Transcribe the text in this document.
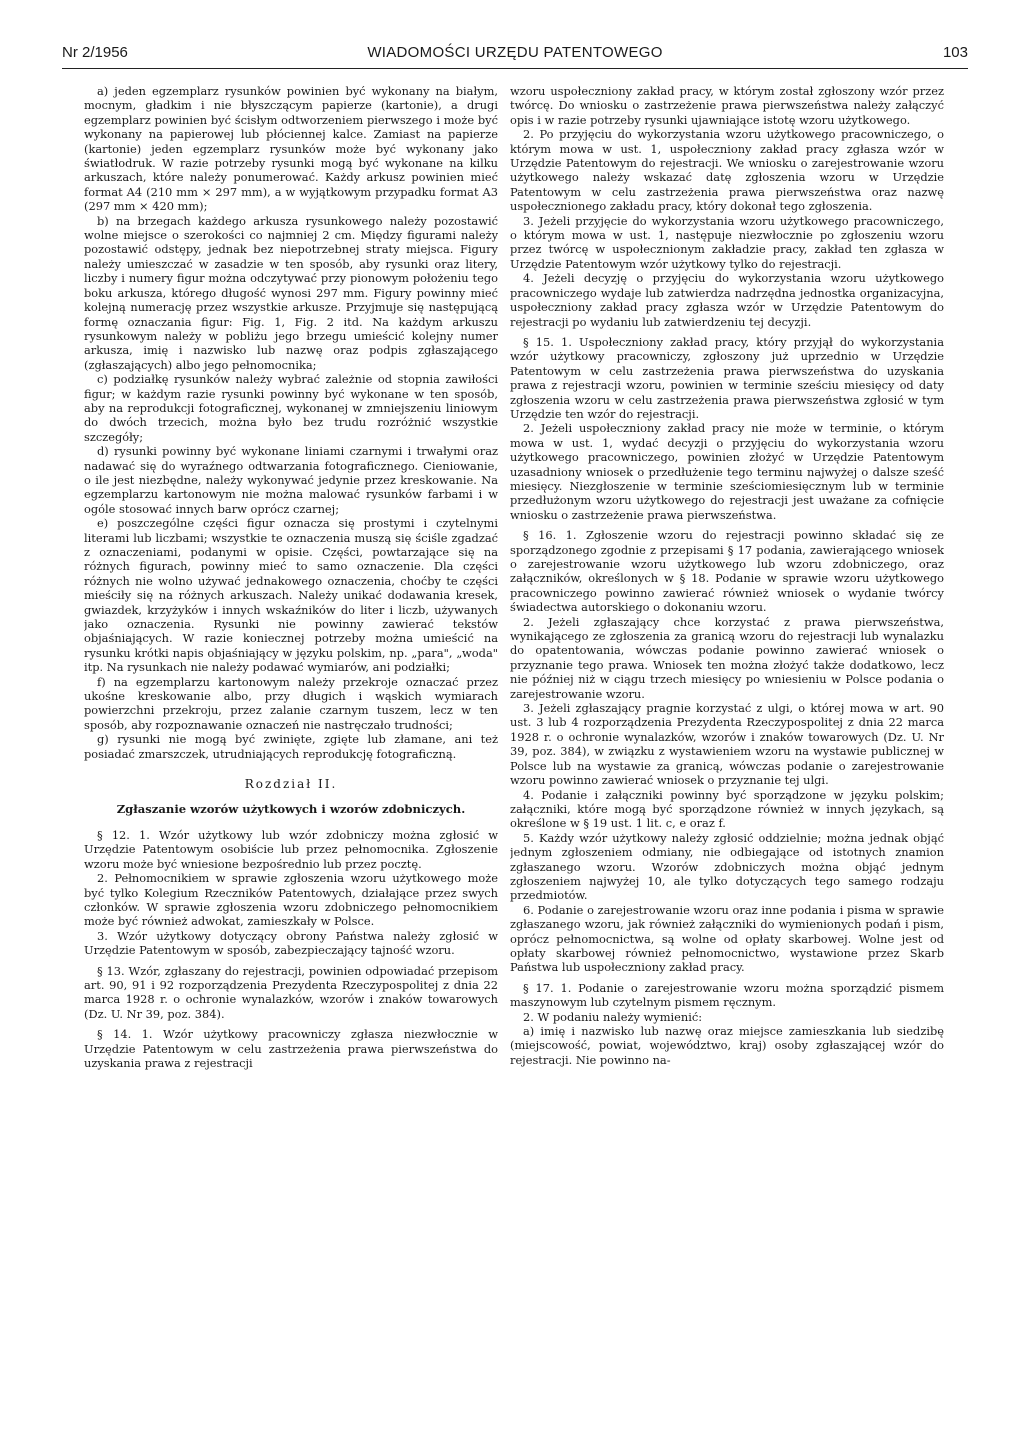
Nr 2/1956	WIADOMOŚCI URZĘDU PATENTOWEGO	103

a) jeden egzemplarz rysunków powinien być wykonany na białym, mocnym, gładkim i nie błyszczącym papierze (kartonie), a drugi egzemplarz powinien być ścisłym odtworzeniem pierwszego i może być wykonany na papierowej lub płóciennej kalce. Zamiast na papierze (kartonie) jeden egzemplarz rysunków może być wykonany jako światłodruk. W razie potrzeby rysunki mogą być wykonane na kilku arkuszach, które należy ponumerować. Każdy arkusz powinien mieć format A4 (210 mm × 297 mm), a w wyjątkowym przypadku format A3 (297 mm × 420 mm);

b) na brzegach każdego arkusza rysunkowego należy pozostawić wolne miejsce o szerokości co najmniej 2 cm. Między figurami należy pozostawić odstępy, jednak bez niepotrzebnej straty miejsca. Figury należy umieszczać w zasadzie w ten sposób, aby rysunki oraz litery, liczby i numery figur można odczytywać przy pionowym położeniu tego boku arkusza, którego długość wynosi 297 mm. Figury powinny mieć kolejną numerację przez wszystkie arkusze. Przyjmuje się następującą formę oznaczania figur: Fig. 1, Fig. 2 itd. Na każdym arkuszu rysunkowym należy w pobliżu jego brzegu umieścić kolejny numer arkusza, imię i nazwisko lub nazwę oraz podpis zgłaszającego (zgłaszających) albo jego pełnomocnika;

c) podziałkę rysunków należy wybrać zależnie od stopnia zawiłości figur; w każdym razie rysunki powinny być wykonane w ten sposób, aby na reprodukcji fotograficznej, wykonanej w zmniejszeniu liniowym do dwóch trzecich, można było bez trudu rozróżnić wszystkie szczegóły;

d) rysunki powinny być wykonane liniami czarnymi i trwałymi oraz nadawać się do wyraźnego odtwarzania fotograficznego. Cieniowanie, o ile jest niezbędne, należy wykonywać jedynie przez kreskowanie. Na egzemplarzu kartonowym nie można malować rysunków farbami i w ogóle stosować innych barw oprócz czarnej;

e) poszczególne części figur oznacza się prostymi i czytelnymi literami lub liczbami; wszystkie te oznaczenia muszą się ściśle zgadzać z oznaczeniami, podanymi w opisie. Części, powtarzające się na różnych figurach, powinny mieć to samo oznaczenie. Dla części różnych nie wolno używać jednakowego oznaczenia, choćby te części mieściły się na różnych arkuszach. Należy unikać dodawania kresek, gwiazdek, krzyżyków i innych wskaźników do liter i liczb, używanych jako oznaczenia. Rysunki nie powinny zawierać tekstów objaśniających. W razie koniecznej potrzeby można umieścić na rysunku krótki napis objaśniający w języku polskim, np. „para", „woda" itp. Na rysunkach nie należy podawać wymiarów, ani podziałki;

f) na egzemplarzu kartonowym należy przekroje oznaczać przez ukośne kreskowanie albo, przy długich i wąskich wymiarach powierzchni przekroju, przez zalanie czarnym tuszem, lecz w ten sposób, aby rozpoznawanie oznaczeń nie nastręczało trudności;

g) rysunki nie mogą być zwinięte, zgięte lub złamane, ani też posiadać zmarszczek, utrudniających reprodukcję fotograficzną.

Rozdział II.

Zgłaszanie wzorów użytkowych i wzorów zdobniczych.

§ 12. 1. Wzór użytkowy lub wzór zdobniczy można zgłosić w Urzędzie Patentowym osobiście lub przez pełnomocnika. Zgłoszenie wzoru może być wniesione bezpośrednio lub przez pocztę.

2. Pełnomocnikiem w sprawie zgłoszenia wzoru użytkowego może być tylko Kolegium Rzeczników Patentowych, działające przez swych członków. W sprawie zgłoszenia wzoru zdobniczego pełnomocnikiem może być również adwokat, zamieszkały w Polsce.

3. Wzór użytkowy dotyczący obrony Państwa należy zgłosić w Urzędzie Patentowym w sposób, zabezpieczający tajność wzoru.

§ 13. Wzór, zgłaszany do rejestracji, powinien odpowiadać przepisom art. 90, 91 i 92 rozporządzenia Prezydenta Rzeczypospolitej z dnia 22 marca 1928 r. o ochronie wynalazków, wzorów i znaków towarowych (Dz. U. Nr 39, poz. 384).

§ 14. 1. Wzór użytkowy pracowniczy zgłasza niezwłocznie w Urzędzie Patentowym w celu zastrzeżenia prawa pierwszeństwa do uzyskania prawa z rejestracji

wzoru uspołeczniony zakład pracy, w którym został zgłoszony wzór przez twórcę. Do wniosku o zastrzeżenie prawa pierwszeństwa należy załączyć opis i w razie potrzeby rysunki ujawniające istotę wzoru użytkowego.

2. Po przyjęciu do wykorzystania wzoru użytkowego pracowniczego, o którym mowa w ust. 1, uspołeczniony zakład pracy zgłasza wzór w Urzędzie Patentowym do rejestracji. We wniosku o zarejestrowanie wzoru użytkowego należy wskazać datę zgłoszenia wzoru w Urzędzie Patentowym w celu zastrzeżenia prawa pierwszeństwa oraz nazwę uspołecznionego zakładu pracy, który dokonał tego zgłoszenia.

3. Jeżeli przyjęcie do wykorzystania wzoru użytkowego pracowniczego, o którym mowa w ust. 1, następuje niezwłocznie po zgłoszeniu wzoru przez twórcę w uspołecznionym zakładzie pracy, zakład ten zgłasza w Urzędzie Patentowym wzór użytkowy tylko do rejestracji.

4. Jeżeli decyzję o przyjęciu do wykorzystania wzoru użytkowego pracowniczego wydaje lub zatwierdza nadrzędna jednostka organizacyjna, uspołeczniony zakład pracy zgłasza wzór w Urzędzie Patentowym do rejestracji po wydaniu lub zatwierdzeniu tej decyzji.

§ 15. 1. Uspołeczniony zakład pracy, który przyjął do wykorzystania wzór użytkowy pracowniczy, zgłoszony już uprzednio w Urzędzie Patentowym w celu zastrzeżenia prawa pierwszeństwa do uzyskania prawa z rejestracji wzoru, powinien w terminie sześciu miesięcy od daty zgłoszenia wzoru w celu zastrzeżenia prawa pierwszeństwa zgłosić w tym Urzędzie ten wzór do rejestracji.

2. Jeżeli uspołeczniony zakład pracy nie może w terminie, o którym mowa w ust. 1, wydać decyzji o przyjęciu do wykorzystania wzoru użytkowego pracowniczego, powinien złożyć w Urzędzie Patentowym uzasadniony wniosek o przedłużenie tego terminu najwyżej o dalsze sześć miesięcy. Niezgłoszenie w terminie sześciomiesięcznym lub w terminie przedłużonym wzoru użytkowego do rejestracji jest uważane za cofnięcie wniosku o zastrzeżenie prawa pierwszeństwa.

§ 16. 1. Zgłoszenie wzoru do rejestracji powinno składać się ze sporządzonego zgodnie z przepisami § 17 podania, zawierającego wniosek o zarejestrowanie wzoru użytkowego lub wzoru zdobniczego, oraz załączników, określonych w § 18. Podanie w sprawie wzoru użytkowego pracowniczego powinno zawierać również wniosek o wydanie twórcy świadectwa autorskiego o dokonaniu wzoru.

2. Jeżeli zgłaszający chce korzystać z prawa pierwszeństwa, wynikającego ze zgłoszenia za granicą wzoru do rejestracji lub wynalazku do opatentowania, wówczas podanie powinno zawierać wniosek o przyznanie tego prawa. Wniosek ten można złożyć także dodatkowo, lecz nie później niż w ciągu trzech miesięcy po wniesieniu w Polsce podania o zarejestrowanie wzoru.

3. Jeżeli zgłaszający pragnie korzystać z ulgi, o której mowa w art. 90 ust. 3 lub 4 rozporządzenia Prezydenta Rzeczypospolitej z dnia 22 marca 1928 r. o ochronie wynalazków, wzorów i znaków towarowych (Dz. U. Nr 39, poz. 384), w związku z wystawieniem wzoru na wystawie publicznej w Polsce lub na wystawie za granicą, wówczas podanie o zarejestrowanie wzoru powinno zawierać wniosek o przyznanie tej ulgi.

4. Podanie i załączniki powinny być sporządzone w języku polskim; załączniki, które mogą być sporządzone również w innych językach, są określone w § 19 ust. 1 lit. c, e oraz f.

5. Każdy wzór użytkowy należy zgłosić oddzielnie; można jednak objąć jednym zgłoszeniem odmiany, nie odbiegające od istotnych znamion zgłaszanego wzoru. Wzorów zdobniczych można objąć jednym zgłoszeniem najwyżej 10, ale tylko dotyczących tego samego rodzaju przedmiotów.

6. Podanie o zarejestrowanie wzoru oraz inne podania i pisma w sprawie zgłaszanego wzoru, jak również załączniki do wymienionych podań i pism, oprócz pełnomocnictwa, są wolne od opłaty skarbowej. Wolne jest od opłaty skarbowej również pełnomocnictwo, wystawione przez Skarb Państwa lub uspołeczniony zakład pracy.

§ 17. 1. Podanie o zarejestrowanie wzoru można sporządzić pismem maszynowym lub czytelnym pismem ręcznym.

2. W podaniu należy wymienić:

a) imię i nazwisko lub nazwę oraz miejsce zamieszkania lub siedzibę (miejscowość, powiat, województwo, kraj) osoby zgłaszającej wzór do rejestracji. Nie powinno na-
